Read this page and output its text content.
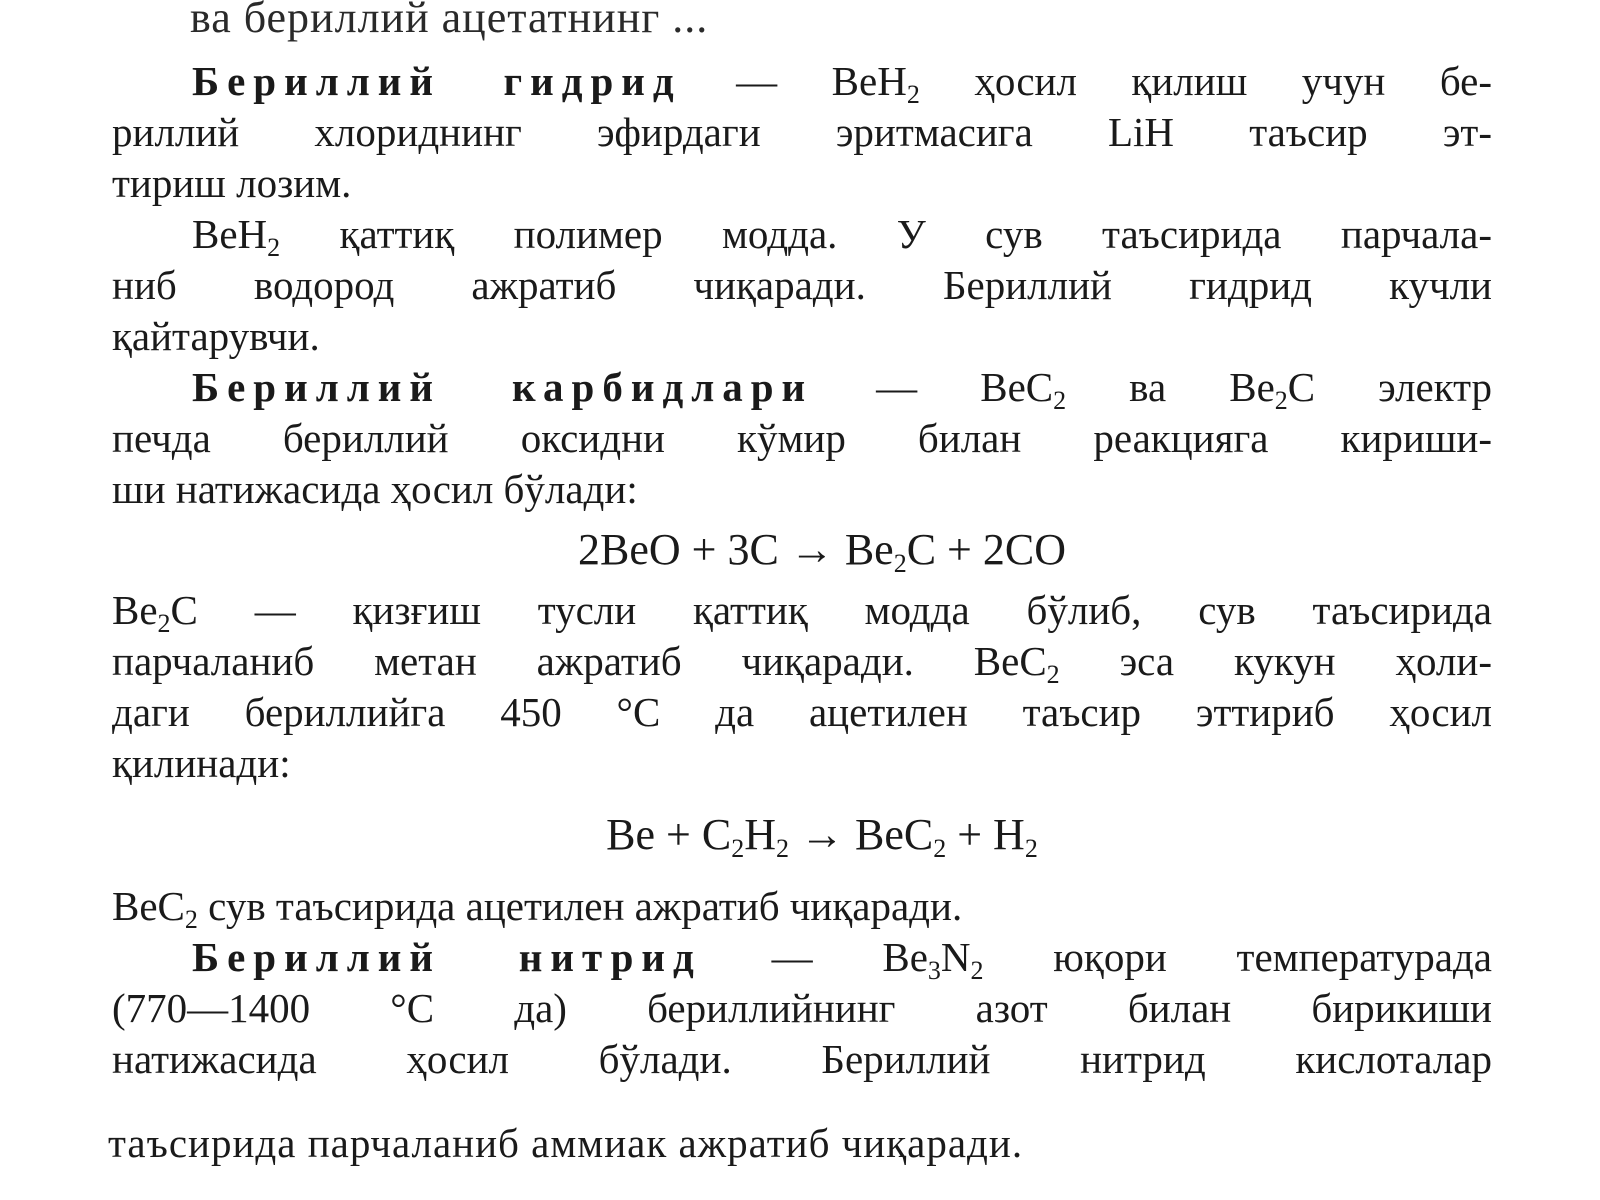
ва бериллий ацетатнинг ...
Бериллий гидрид — BeH$_2$ ҳосил қилиш учун бе-
риллий хлориднинг эфирдаги эритмасига LiH таъсир эт-
тириш лозим.
BeH$_2$ қаттиқ полимер модда. У сув таъсирида парчала-
ниб водород ажратиб чиқаради. Бериллий гидрид кучли
қайтарувчи.
Бериллий карбидлари — BeC$_2$ ва $Be_2C$ электр
печда бериллий оксидни кўмир билан реакцияга кириши-
ши натижасида ҳосил бўлади:
$2BeO + 3C \to Be_2C + 2CO$
$Be_2C$ — қизғиш тусли қаттиқ модда бўлиб, сув таъсирида
парчаланиб метан ажратиб чиқаради. BeC$_2$ эса кукун ҳоли-
даги бериллийга 450 °C да ацетилен таъсир эттириб ҳосил
қилинади:
$Be + C_2H_2 \to BeC_2 + H_2$
BeC$_2$ сув таъсирида ацетилен ажратиб чиқаради.
Бериллий нитрид — $Be_3N_2$ юқори температурада
(770—1400 °C да) бериллийнинг азот билан бирикиши
натижасида ҳосил бўлади. Бериллий нитрид кислоталар
таъсирида парчаланиб аммиак ажратиб чиқаради.
